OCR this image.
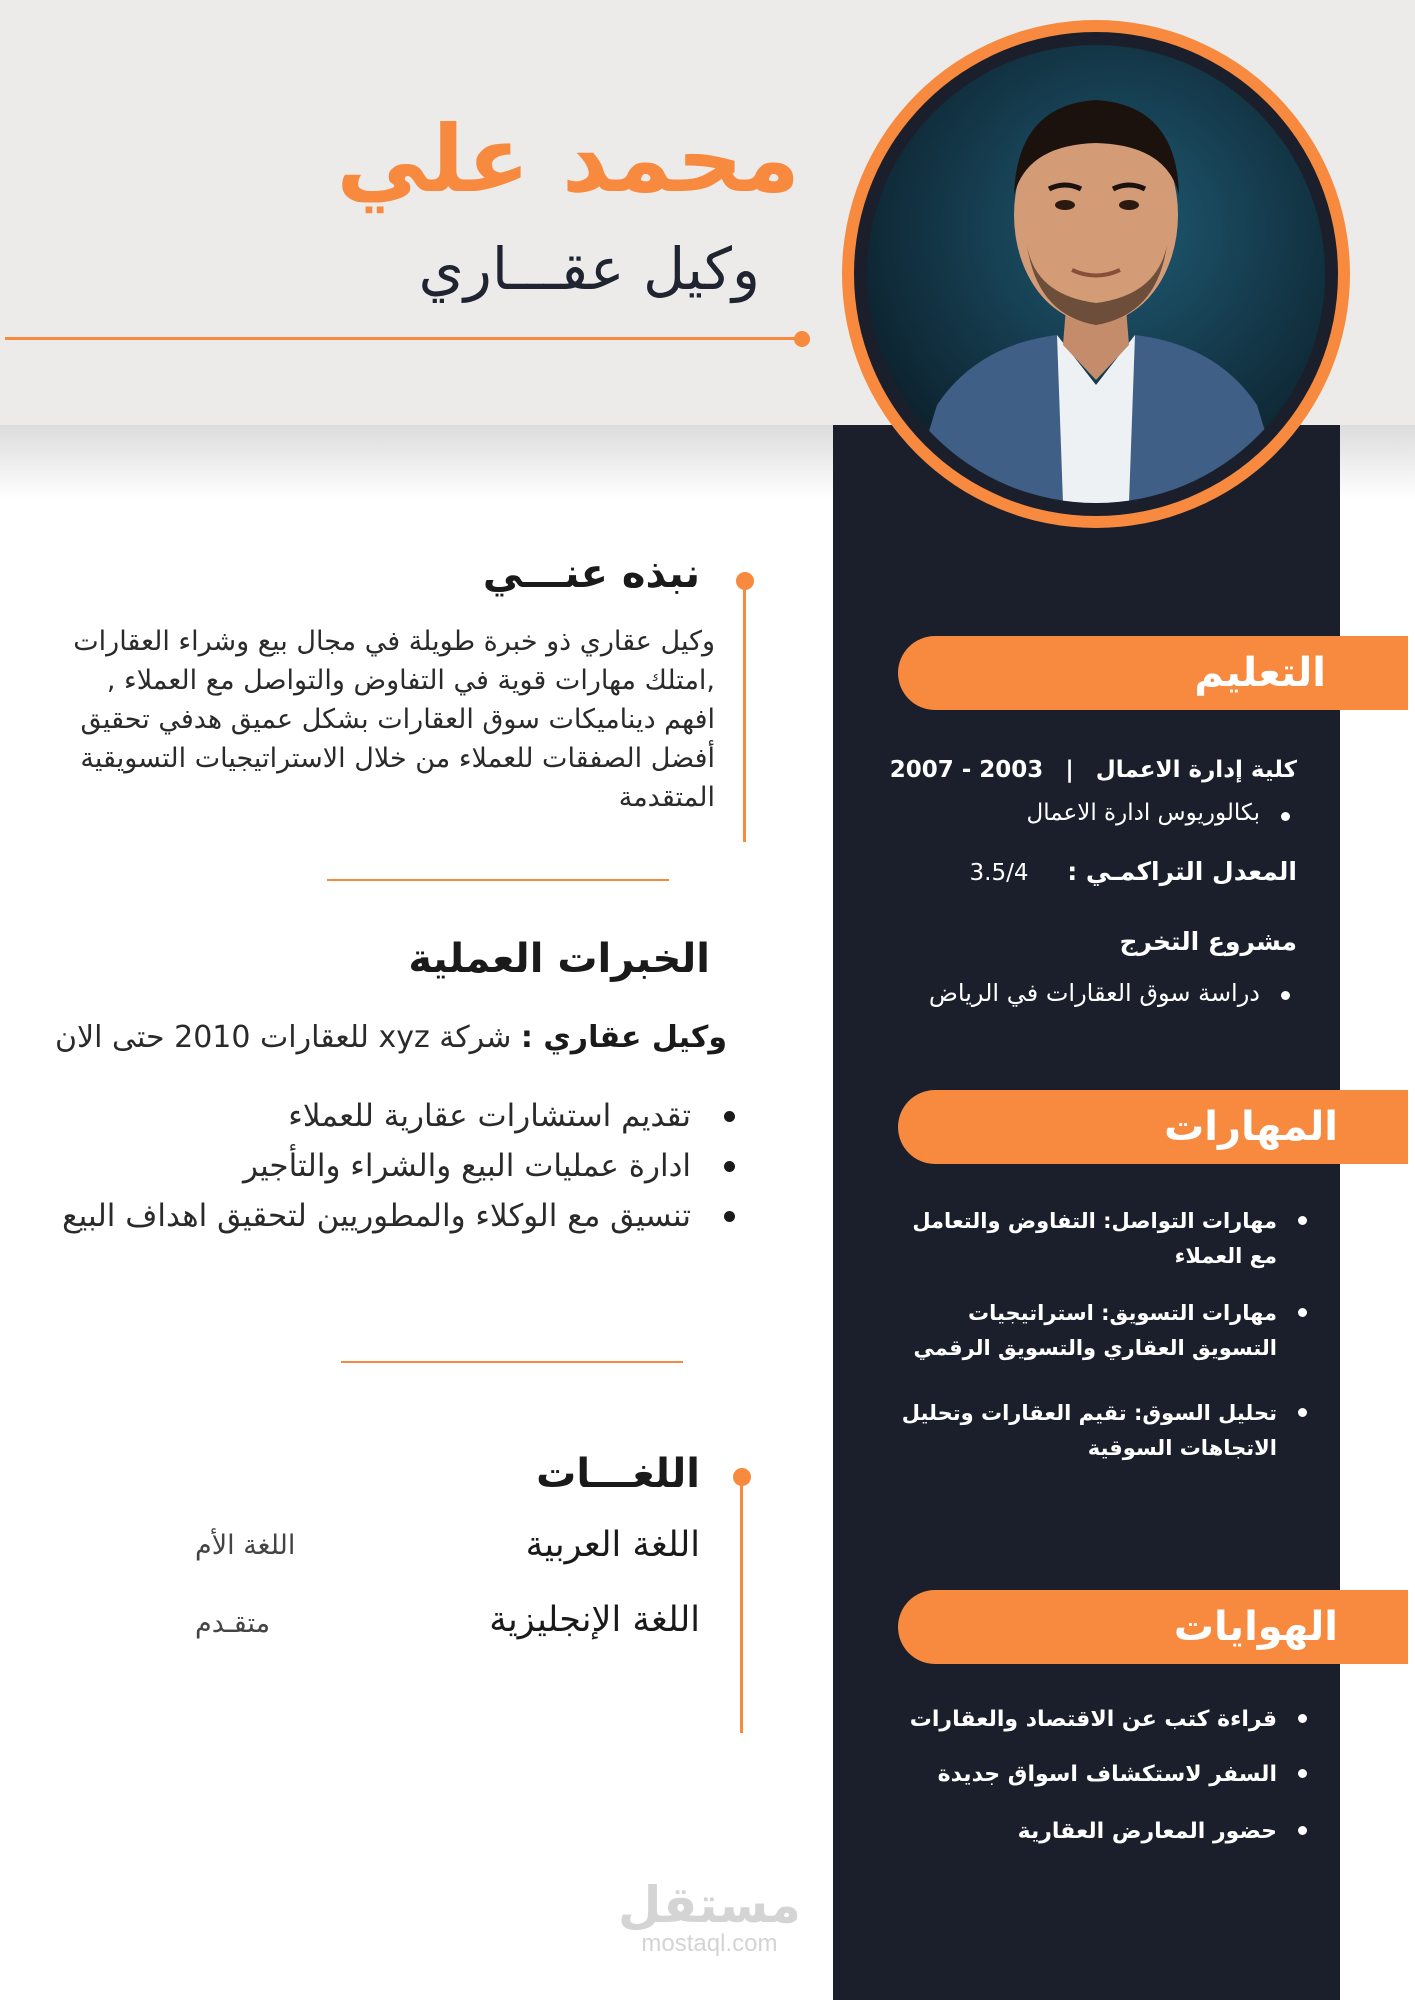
محمد علي
وكيل عقـــاري
نبذه عنـــي
وكيل عقاري ذو خبرة طويلة في مجال بيع وشراء العقارات ,امتلك مهارات قوية في التفاوض والتواصل مع العملاء , افهم ديناميكات سوق العقارات بشكل عميق هدفي تحقيق أفضل الصفقات للعملاء من خلال الاستراتيجيات التسويقية المتقدمة
الخبرات العملية
وكيل عقاري : شركة xyz للعقارات 2010 حتى الان
تقديم استشارات عقارية للعملاء
ادارة عمليات البيع والشراء والتأجير
تنسيق مع الوكلاء والمطوريين لتحقيق اهداف البيع
اللغـــات
اللغة العربية
اللغة الأم
اللغة الإنجليزية
متقـدم
التعليم
كلية إدارة الاعمال | 2003 - 2007
بكالوريوس ادارة الاعمال
المعدل التراكمـي : 3.5/4
مشروع التخرج
دراسة سوق العقارات في الرياض
المهارات
مهارات التواصل: التفاوض والتعامل مع العملاء
مهارات التسويق: استراتيجيات التسويق العقاري والتسويق الرقمي
تحليل السوق: تقيم العقارات وتحليل الاتجاهات السوقية
الهوايات
قراءة كتب عن الاقتصاد والعقارات
السفر لاستكشاف اسواق جديدة
حضور المعارض العقارية
مستقل
mostaql.com
